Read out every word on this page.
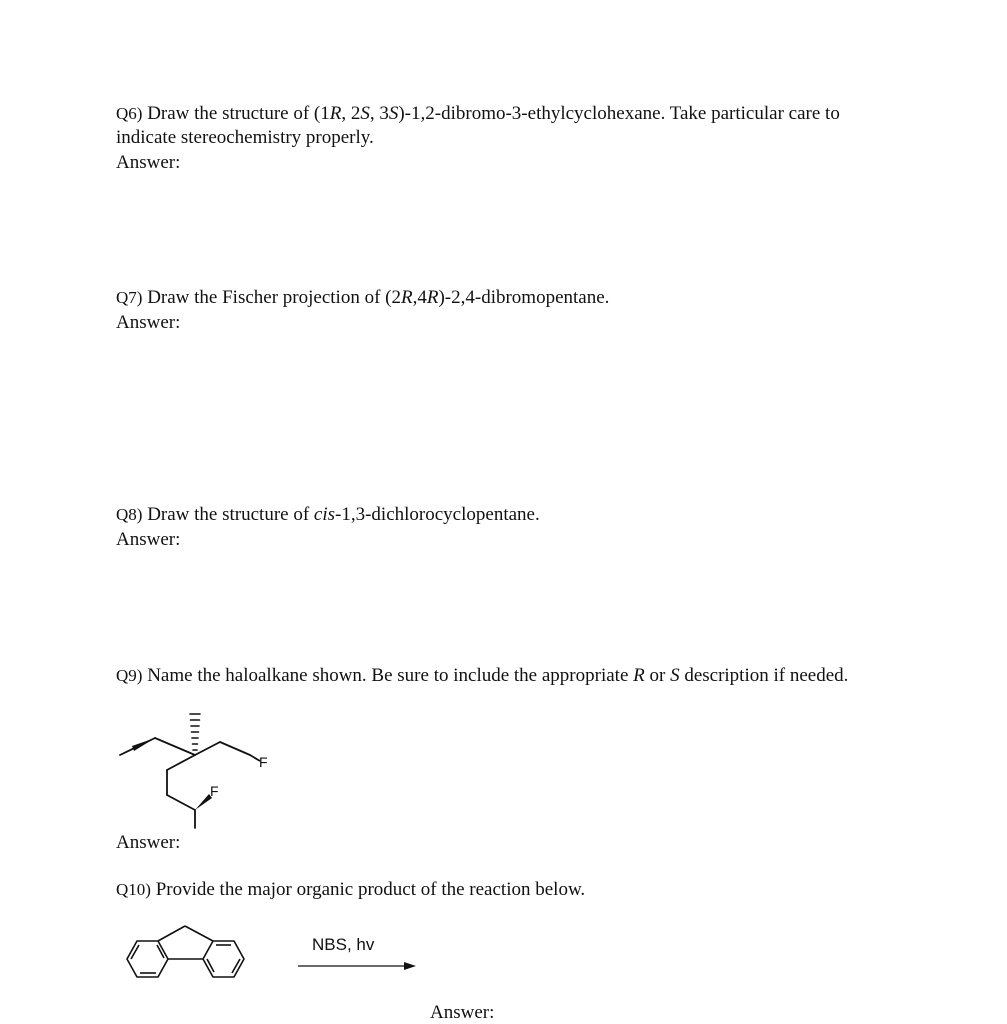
Q6) Draw the structure of (1R, 2S, 3S)-1,2-dibromo-3-ethylcyclohexane. Take particular care to

indicate stereochemistry properly.

Answer:

Q7) Draw the Fischer projection of (2R,4R)-2,4-dibromopentane.

Answer:

Q8) Draw the structure of cis-1,3-dichlorocyclopentane.

Answer:

Q9) Name the haloalkane shown. Be sure to include the appropriate R or S description if needed.

F
F

Answer:

Q10) Provide the major organic product of the reaction below.

NBS, hv

Answer:
